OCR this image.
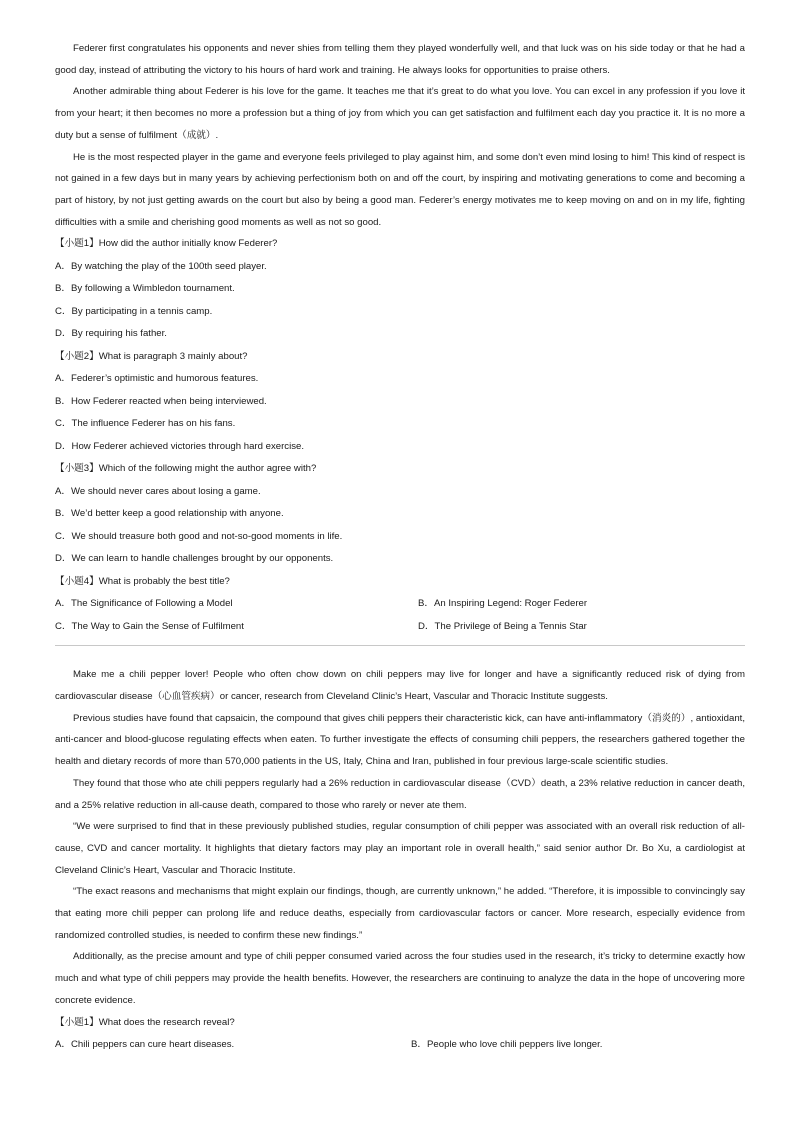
Federer first congratulates his opponents and never shies from telling them they played wonderfully well, and that luck was on his side today or that he had a good day, instead of attributing the victory to his hours of hard work and training. He always looks for opportunities to praise others.

Another admirable thing about Federer is his love for the game. It teaches me that it’s great to do what you love. You can excel in any profession if you love it from your heart; it then becomes no more a profession but a thing of joy from which you can get satisfaction and fulfilment each day you practice it. It is no more a duty but a sense of fulfilment（成就）.

He is the most respected player in the game and everyone feels privileged to play against him, and some don’t even mind losing to him! This kind of respect is not gained in a few days but in many years by achieving perfectionism both on and off the court, by inspiring and motivating generations to come and becoming a part of history, by not just getting awards on the court but also by being a good man. Federer’s energy motivates me to keep moving on and on in my life, fighting difficulties with a smile and cherishing good moments as well as not so good.

【小题1】How did the author initially know Federer?

A．By watching the play of the 100th seed player.

B．By following a Wimbledon tournament.

C．By participating in a tennis camp.

D．By requiring his father.

【小题2】What is paragraph 3 mainly about?

A．Federer’s optimistic and humorous features.

B．How Federer reacted when being interviewed.

C．The influence Federer has on his fans.

D．How Federer achieved victories through hard exercise.

【小题3】Which of the following might the author agree with?

A．We should never cares about losing a game.

B．We’d better keep a good relationship with anyone.

C．We should treasure both good and not-so-good moments in life.

D．We can learn to handle challenges brought by our opponents.

【小题4】What is probably the best title?

A．The Significance of Following a Model	B．An Inspiring Legend: Roger Federer
C．The Way to Gain the Sense of Fulfilment	D．The Privilege of Being a Tennis Star

Make me a chili pepper lover! People who often chow down on chili peppers may live for longer and have a significantly reduced risk of dying from cardiovascular disease（心血管疾病）or cancer, research from Cleveland Clinic’s Heart, Vascular and Thoracic Institute suggests.

Previous studies have found that capsaicin, the compound that gives chili peppers their characteristic kick, can have anti-inflammatory（消炎的）, antioxidant, anti-cancer and blood-glucose regulating effects when eaten. To further investigate the effects of consuming chili peppers, the researchers gathered together the health and dietary records of more than 570,000 patients in the US, Italy, China and Iran, published in four previous large-scale scientific studies.

They found that those who ate chili peppers regularly had a 26% reduction in cardiovascular disease（CVD）death, a 23% relative reduction in cancer death, and a 25% relative reduction in all-cause death, compared to those who rarely or never ate them.

“We were surprised to find that in these previously published studies, regular consumption of chili pepper was associated with an overall risk reduction of all-cause, CVD and cancer mortality. It highlights that dietary factors may play an important role in overall health,” said senior author Dr. Bo Xu, a cardiologist at Cleveland Clinic’s Heart, Vascular and Thoracic Institute.

“The exact reasons and mechanisms that might explain our findings, though, are currently unknown,” he added. “Therefore, it is impossible to convincingly say that eating more chili pepper can prolong life and reduce deaths, especially from cardiovascular factors or cancer. More research, especially evidence from randomized controlled studies, is needed to confirm these new findings.”

Additionally, as the precise amount and type of chili pepper consumed varied across the four studies used in the research, it’s tricky to determine exactly how much and what type of chili peppers may provide the health benefits. However, the researchers are continuing to analyze the data in the hope of uncovering more concrete evidence.

【小题1】What does the research reveal?

A．Chili peppers can cure heart diseases.	B．People who love chili peppers live longer.
